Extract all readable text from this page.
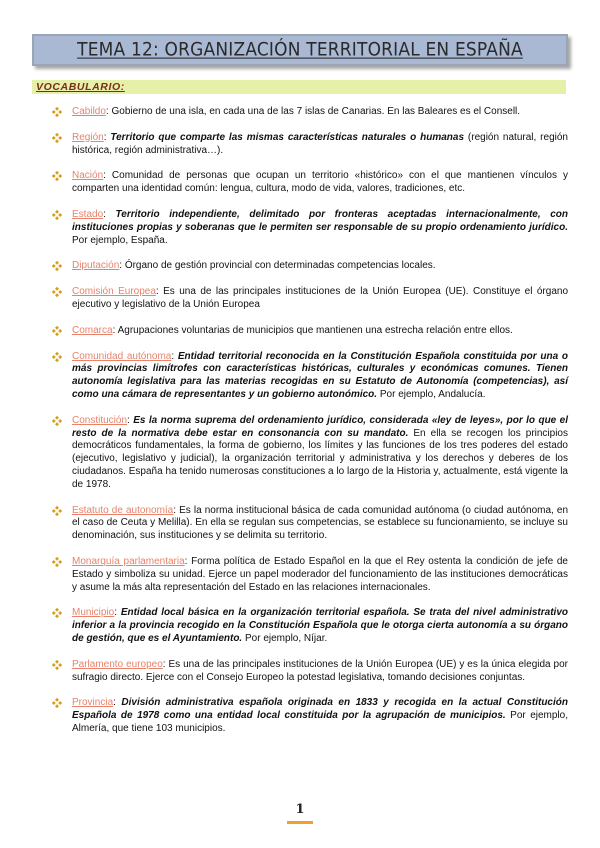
TEMA 12: ORGANIZACIÓN TERRITORIAL EN ESPAÑA
VOCABULARIO:
Cabildo: Gobierno de una isla, en cada una de las 7 islas de Canarias. En las Baleares es el Consell.
Región: Territorio que comparte las mismas características naturales o humanas (región natural, región histórica, región administrativa…).
Nación: Comunidad de personas que ocupan un territorio «histórico» con el que mantienen vínculos y comparten una identidad común: lengua, cultura, modo de vida, valores, tradiciones, etc.
Estado: Territorio independiente, delimitado por fronteras aceptadas internacionalmente, con instituciones propias y soberanas que le permiten ser responsable de su propio ordenamiento jurídico. Por ejemplo, España.
Diputación: Órgano de gestión provincial con determinadas competencias locales.
Comisión Europea: Es una de las principales instituciones de la Unión Europea (UE). Constituye el órgano ejecutivo y legislativo de la Unión Europea
Comarca: Agrupaciones voluntarias de municipios que mantienen una estrecha relación entre ellos.
Comunidad autónoma: Entidad territorial reconocida en la Constitución Española constituida por una o más provincias limítrofes con características históricas, culturales y económicas comunes. Tienen autonomía legislativa para las materias recogidas en su Estatuto de Autonomía (competencias), así como una cámara de representantes y un gobierno autonómico. Por ejemplo, Andalucía.
Constitución: Es la norma suprema del ordenamiento jurídico, considerada «ley de leyes», por lo que el resto de la normativa debe estar en consonancia con su mandato. En ella se recogen los principios democráticos fundamentales, la forma de gobierno, los límites y las funciones de los tres poderes del estado (ejecutivo, legislativo y judicial), la organización territorial y administrativa y los derechos y deberes de los ciudadanos. España ha tenido numerosas constituciones a lo largo de la Historia y, actualmente, está vigente la de 1978.
Estatuto de autonomía: Es la norma institucional básica de cada comunidad autónoma (o ciudad autónoma, en el caso de Ceuta y Melilla). En ella se regulan sus competencias, se establece su funcionamiento, se incluye su denominación, sus instituciones y se delimita su territorio.
Monarquía parlamentaria: Forma política de Estado Español en la que el Rey ostenta la condición de jefe de Estado y simboliza su unidad. Ejerce un papel moderador del funcionamiento de las instituciones democráticas y asume la más alta representación del Estado en las relaciones internacionales.
Municipio: Entidad local básica en la organización territorial española. Se trata del nivel administrativo inferior a la provincia recogido en la Constitución Española que le otorga cierta autonomía a su órgano de gestión, que es el Ayuntamiento. Por ejemplo, Níjar.
Parlamento europeo: Es una de las principales instituciones de la Unión Europea (UE) y es la única elegida por sufragio directo. Ejerce con el Consejo Europeo la potestad legislativa, tomando decisiones conjuntas.
Provincia: División administrativa española originada en 1833 y recogida en la actual Constitución Española de 1978 como una entidad local constituida por la agrupación de municipios. Por ejemplo, Almería, que tiene 103 municipios.
1
